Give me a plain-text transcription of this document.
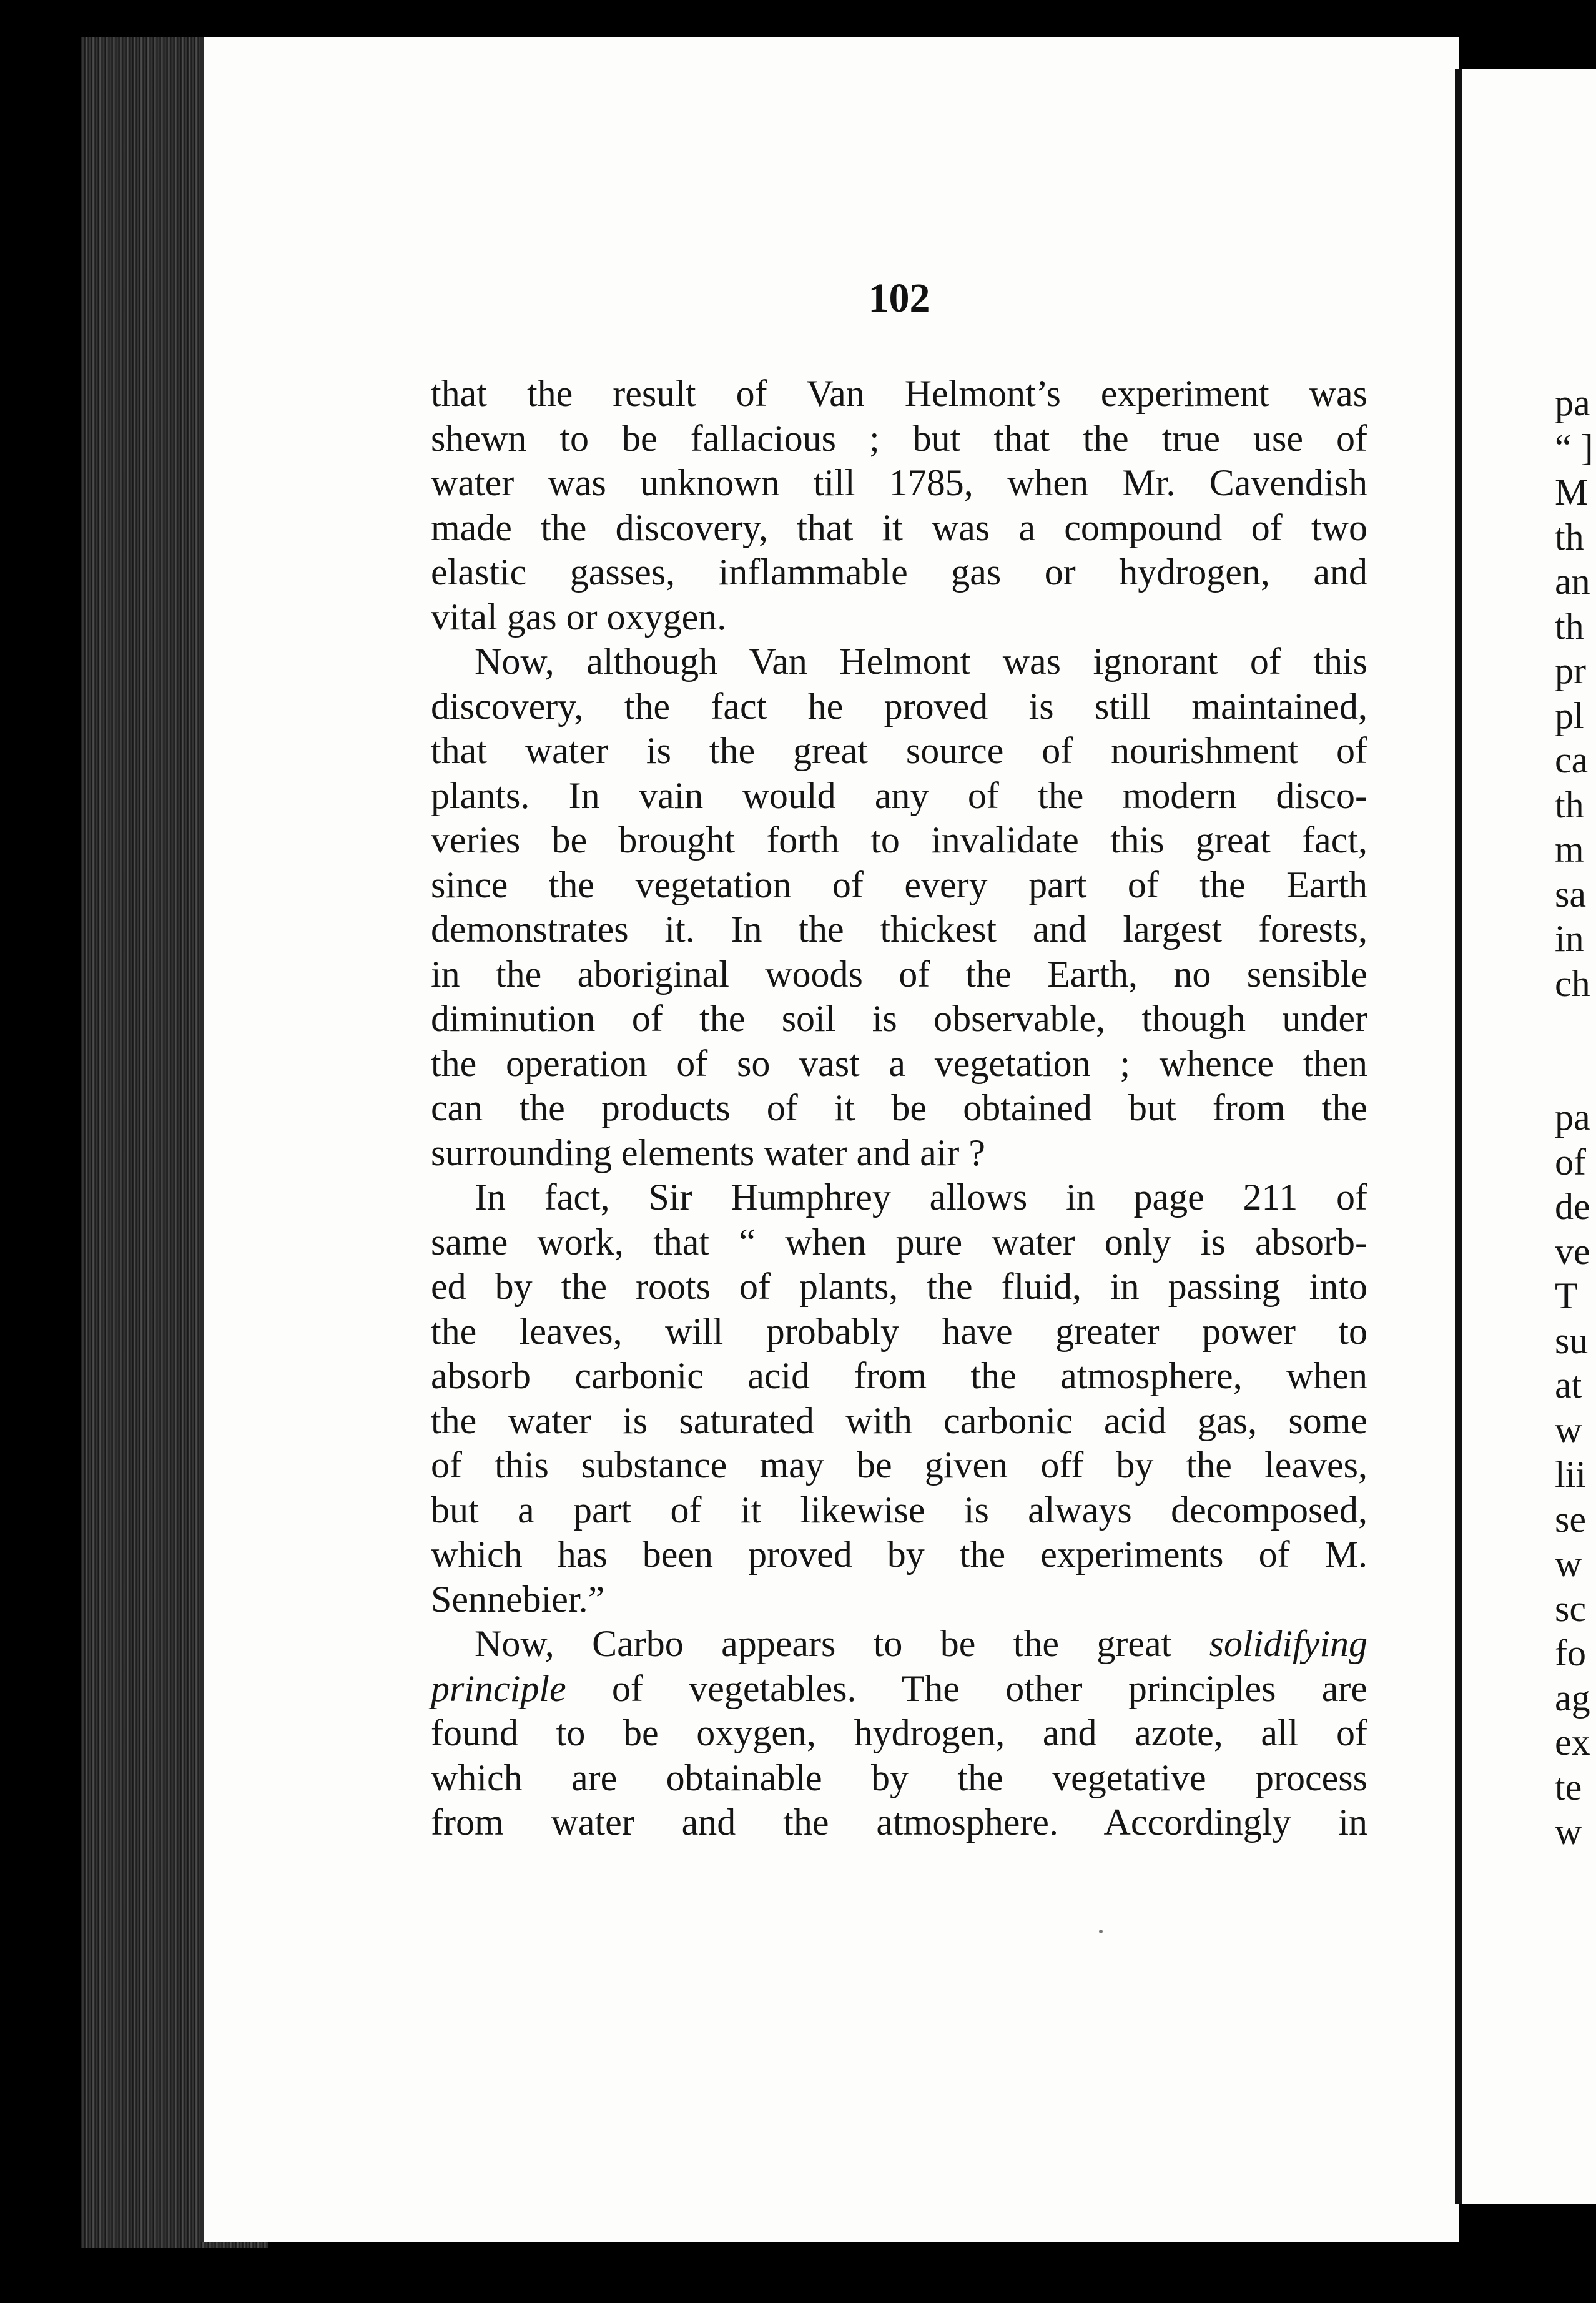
102
that the result of Van Helmont’s experiment was
shewn to be fallacious ; but that the true use of
water was unknown till 1785, when Mr. Cavendish
made the discovery, that it was a compound of two
elastic gasses, inflammable gas or hydrogen, and
vital gas or oxygen.
Now, although Van Helmont was ignorant of this
discovery, the fact he proved is still maintained,
that water is the great source of nourishment of
plants. In vain would any of the modern disco-
veries be brought forth to invalidate this great fact,
since the vegetation of every part of the Earth
demonstrates it. In the thickest and largest forests,
in the aboriginal woods of the Earth, no sensible
diminution of the soil is observable, though under
the operation of so vast a vegetation ; whence then
can the products of it be obtained but from the
surrounding elements water and air ?
In fact, Sir Humphrey allows in page 211 of
same work, that “ when pure water only is absorb-
ed by the roots of plants, the fluid, in passing into
the leaves, will probably have greater power to
absorb carbonic acid from the atmosphere, when
the water is saturated with carbonic acid gas, some
of this substance may be given off by the leaves,
but a part of it likewise is always decomposed,
which has been proved by the experiments of M.
Sennebier.”
Now, Carbo appears to be the great solidifying
principle of vegetables. The other principles are
found to be oxygen, hydrogen, and azote, all of
which are obtainable by the vegetative process
from water and the atmosphere. Accordingly in
pa
“ ]
M
th
an
th
pr
pl
ca
th
m
sa
in
ch
pa
of
de
ve
T
su
at
w
lii
se
w
sc
fo
ag
ex
te
w
